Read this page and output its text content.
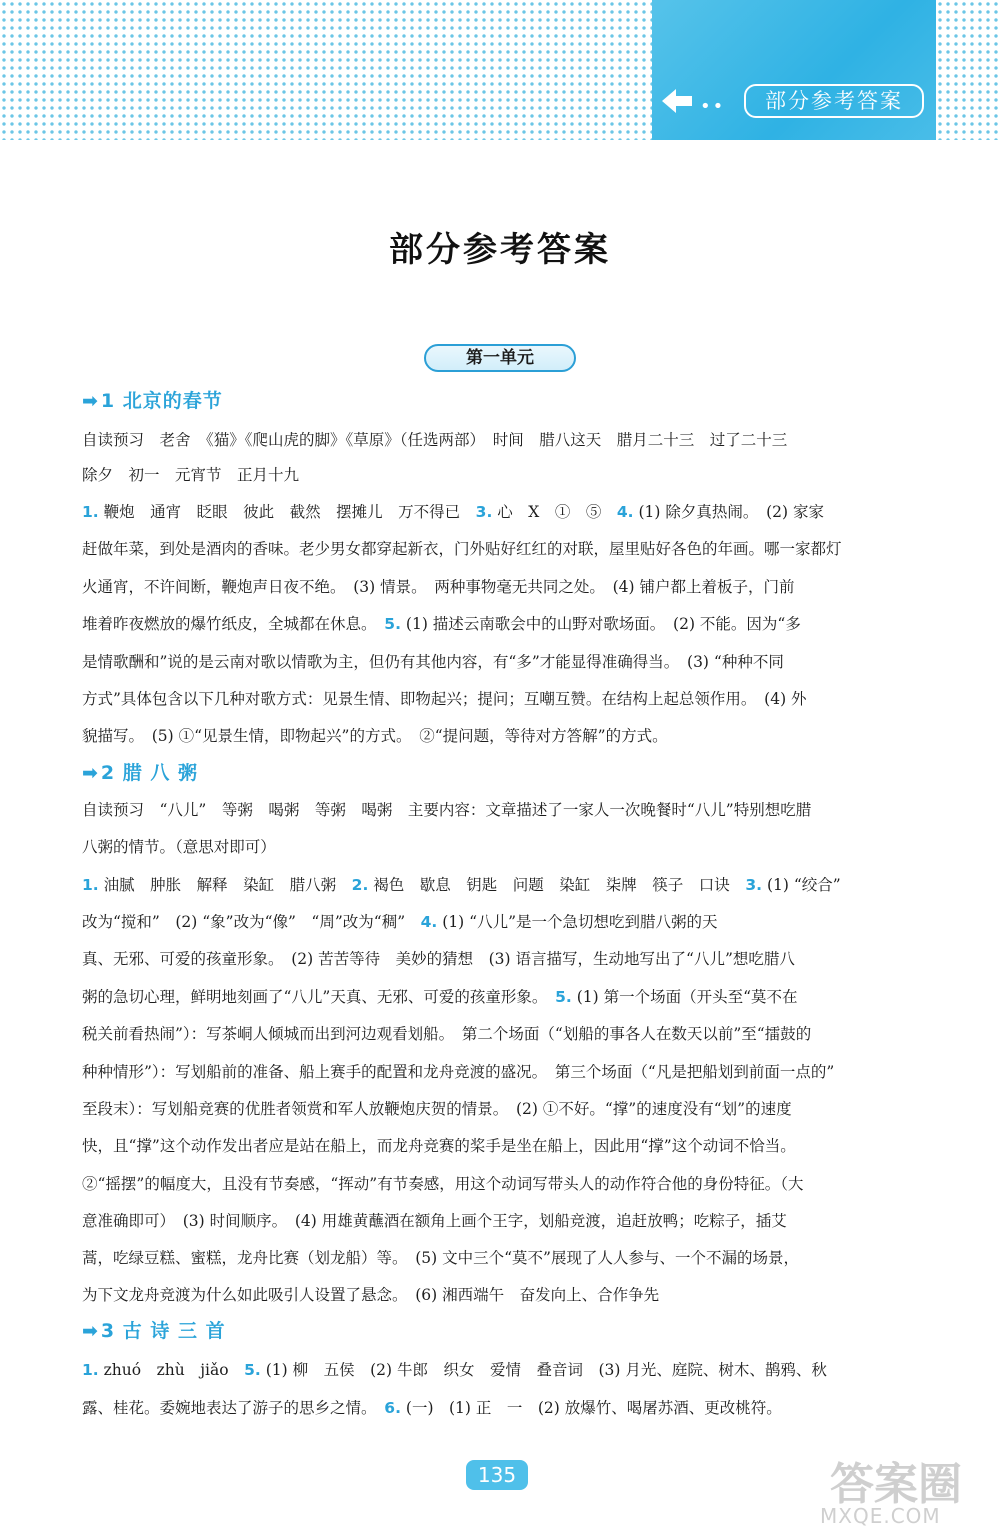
••	部分参考答案
部分参考答案
第一单元
➡ 1 北京的春节
自读预习　老舍　《猫》《爬山虎的脚》《草原》（任选两部）　时间　腊八这天　腊月二十三　过了二十三
除夕　初一　元宵节　正月十九
1. 鞭炮　通宵　眨眼　彼此　截然　摆摊儿　万不得已　 3. 心　X　①　⑤　 4. (1) 除夕真热闹。　(2) 家家
赶做年菜，到处是酒肉的香味。老少男女都穿起新衣，门外贴好红红的对联，屋里贴好各色的年画。哪一家都灯
火通宵，不许间断，鞭炮声日夜不绝。　(3) 情景。　两种事物毫无共同之处。　(4) 铺户都上着板子，门前
堆着昨夜燃放的爆竹纸皮，全城都在休息。　 5. (1) 描述云南歌会中的山野对歌场面。　(2) 不能。因为“多
是情歌酬和”说的是云南对歌以情歌为主，但仍有其他内容，有“多”才能显得准确得当。　(3) “种种不同
方式”具体包含以下几种对歌方式：见景生情、即物起兴；提问；互嘲互赞。在结构上起总领作用。　(4) 外
貌描写。　(5) ①“见景生情，即物起兴”的方式。　②“提问题，等待对方答解”的方式。
➡ 2 腊 八 粥
自读预习　“八儿”　等粥　喝粥　等粥　喝粥　主要内容：文章描述了一家人一次晚餐时“八儿”特别想吃腊
八粥的情节。（意思对即可）
1. 油腻　肿胀　解释　染缸　腊八粥　 2. 褐色　歇息　钥匙　问题　染缸　柒牌　筷子　口诀　 3. (1) “绞合”
改为“搅和”　(2) “象”改为“像”　“周”改为“稠”　 4. (1) “八儿”是一个急切想吃到腊八粥的天
真、无邪、可爱的孩童形象。　(2) 苦苦等待　美妙的猜想　(3) 语言描写，生动地写出了“八儿”想吃腊八
粥的急切心理，鲜明地刻画了“八儿”天真、无邪、可爱的孩童形象。　 5. (1) 第一个场面（开头至“莫不在
税关前看热闹”）：写茶峒人倾城而出到河边观看划船。　第二个场面（“划船的事各人在数天以前”至“擂鼓的
种种情形”）：写划船前的准备、船上赛手的配置和龙舟竞渡的盛况。　第三个场面（“凡是把船划到前面一点的”
至段末）：写划船竞赛的优胜者领赏和军人放鞭炮庆贺的情景。　(2) ①不好。“撑”的速度没有“划”的速度
快，且“撑”这个动作发出者应是站在船上，而龙舟竞赛的桨手是坐在船上，因此用“撑”这个动词不恰当。
②“摇摆”的幅度大，且没有节奏感，“挥动”有节奏感，用这个动词写带头人的动作符合他的身份特征。（大
意准确即可）　(3) 时间顺序。　(4) 用雄黄蘸酒在额角上画个王字，划船竞渡，追赶放鸭；吃粽子，插艾
蒿，吃绿豆糕、蜜糕，龙舟比赛（划龙船）等。　(5) 文中三个“莫不”展现了人人参与、一个不漏的场景，
为下文龙舟竞渡为什么如此吸引人设置了悬念。　(6) 湘西端午　奋发向上、合作争先
➡ 3 古 诗 三 首
1. zhuó　zhù　jiǎo　 5. (1) 柳　五侯　(2) 牛郎　织女　爱情　叠音词　(3) 月光、庭院、树木、鹊鸦、秋
露、桂花。委婉地表达了游子的思乡之情。　 6. (一)　(1) 正　一　(2) 放爆竹、喝屠苏酒、更改桃符。
135	答案圈
MXQE.COM
